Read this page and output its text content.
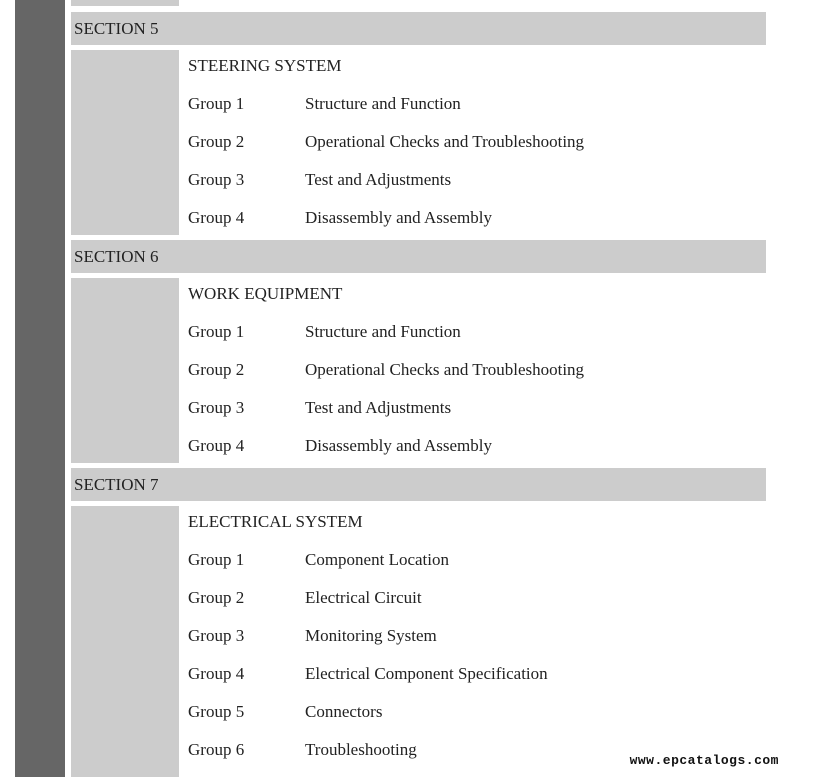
SECTION 5
STEERING SYSTEM
Group 1	Structure and Function
Group 2	Operational Checks and Troubleshooting
Group 3	Test and Adjustments
Group 4	Disassembly and Assembly
SECTION 6
WORK EQUIPMENT
Group 1	Structure and Function
Group 2	Operational Checks and Troubleshooting
Group 3	Test and Adjustments
Group 4	Disassembly and Assembly
SECTION 7
ELECTRICAL SYSTEM
Group 1	Component Location
Group 2	Electrical Circuit
Group 3	Monitoring System
Group 4	Electrical Component Specification
Group 5	Connectors
Group 6	Troubleshooting
www.epcatalogs.com
